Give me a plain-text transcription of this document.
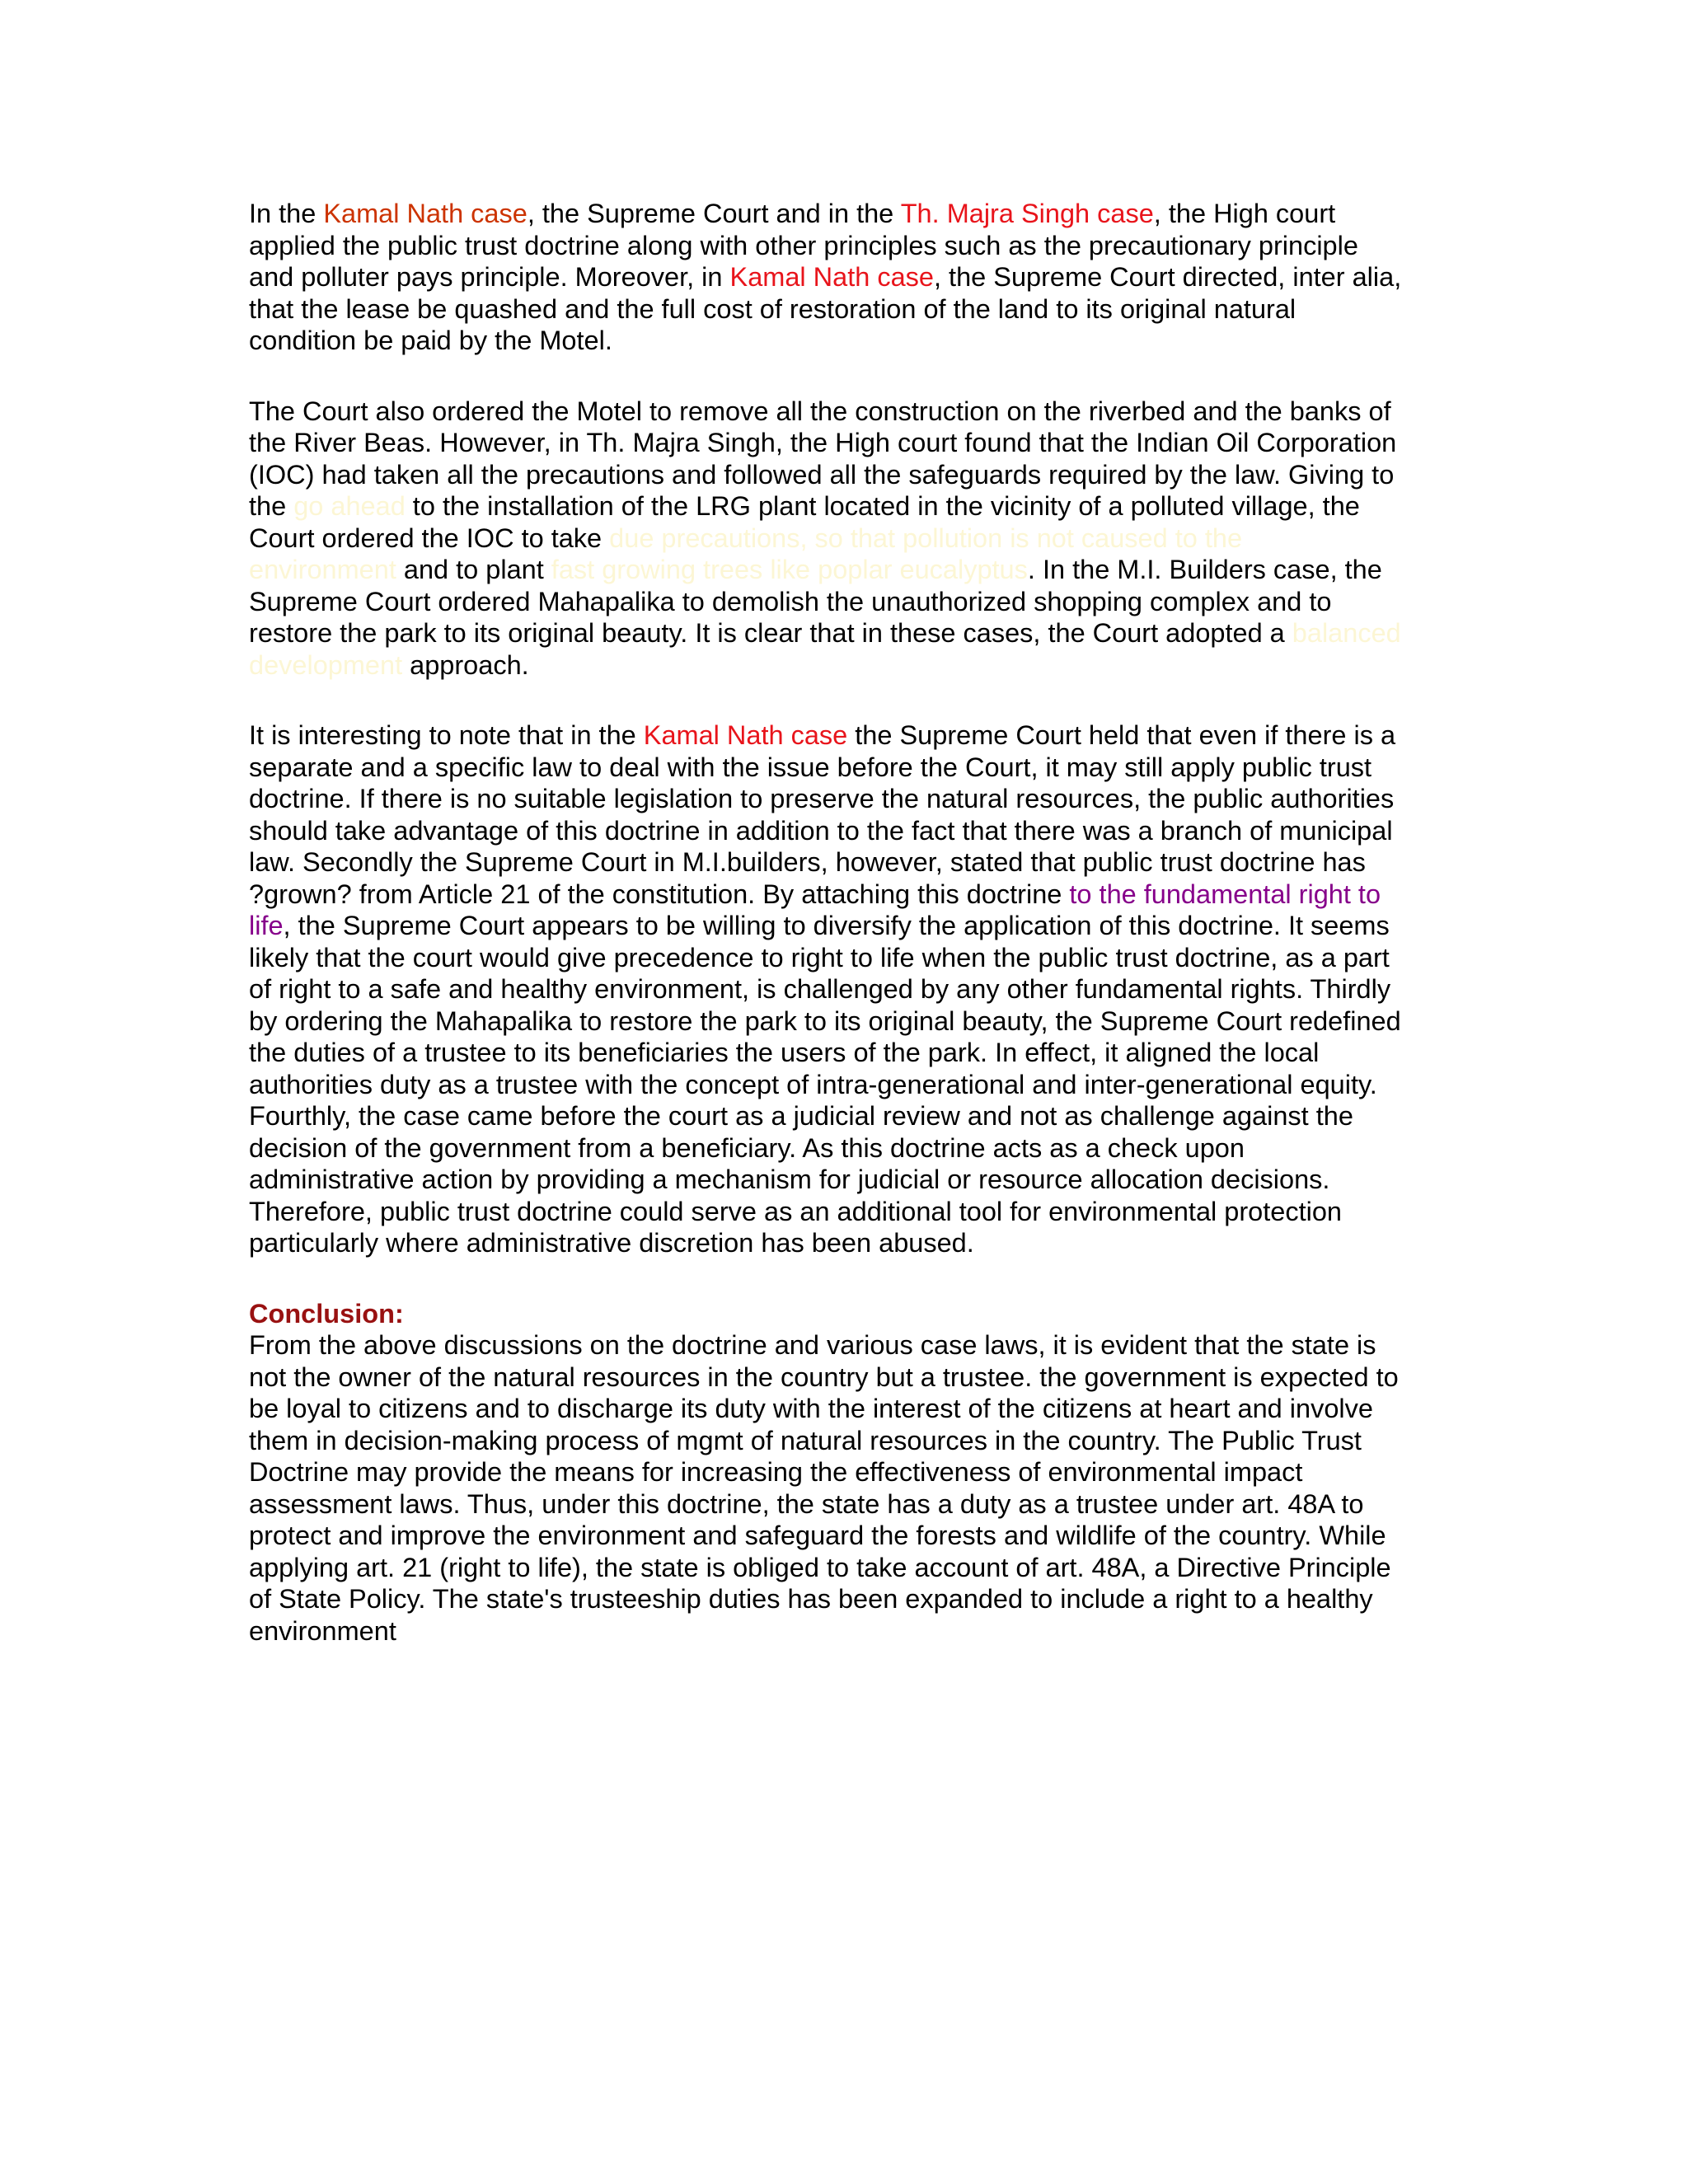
In the Kamal Nath case, the Supreme Court and in the Th. Majra Singh case, the High court
applied the public trust doctrine along with other principles such as the precautionary principle
and polluter pays principle. Moreover, in Kamal Nath case, the Supreme Court directed, inter alia,
that the lease be quashed and the full cost of restoration of the land to its original natural
condition be paid by the Motel.
The Court also ordered the Motel to remove all the construction on the riverbed and the banks of
the River Beas. However, in Th. Majra Singh, the High court found that the Indian Oil Corporation
(IOC) had taken all the precautions and followed all the safeguards required by the law. Giving to
the go ahead to the installation of the LRG plant located in the vicinity of a polluted village, the
Court ordered the IOC to take due precautions, so that pollution is not caused to the
environment and to plant fast growing trees like poplar eucalyptus. In the M.I. Builders case, the
Supreme Court ordered Mahapalika to demolish the unauthorized shopping complex and to
restore the park to its original beauty. It is clear that in these cases, the Court adopted a balanced
development approach.
It is interesting to note that in the Kamal Nath case the Supreme Court held that even if there is a
separate and a specific law to deal with the issue before the Court, it may still apply public trust
doctrine. If there is no suitable legislation to preserve the natural resources, the public authorities
should take advantage of this doctrine in addition to the fact that there was a branch of municipal
law. Secondly the Supreme Court in M.I.builders, however, stated that public trust doctrine has
?grown? from Article 21 of the constitution. By attaching this doctrine to the fundamental right to
life, the Supreme Court appears to be willing to diversify the application of this doctrine. It seems
likely that the court would give precedence to right to life when the public trust doctrine, as a part
of right to a safe and healthy environment, is challenged by any other fundamental rights. Thirdly
by ordering the Mahapalika to restore the park to its original beauty, the Supreme Court redefined
the duties of a trustee to its beneficiaries the users of the park. In effect, it aligned the local
authorities duty as a trustee with the concept of intra-generational and inter-generational equity.
Fourthly, the case came before the court as a judicial review and not as challenge against the
decision of the government from a beneficiary. As this doctrine acts as a check upon
administrative action by providing a mechanism for judicial or resource allocation decisions.
Therefore, public trust doctrine could serve as an additional tool for environmental protection
particularly where administrative discretion has been abused.
Conclusion:
From the above discussions on the doctrine and various case laws, it is evident that the state is
not the owner of the natural resources in the country but a trustee. the government is expected to
be loyal to citizens and to discharge its duty with the interest of the citizens at heart and involve
them in decision-making process of mgmt of natural resources in the country. The Public Trust
Doctrine may provide the means for increasing the effectiveness of environmental impact
assessment laws. Thus, under this doctrine, the state has a duty as a trustee under art. 48A to
protect and improve the environment and safeguard the forests and wildlife of the country. While
applying art. 21 (right to life), the state is obliged to take account of art. 48A, a Directive Principle
of State Policy. The state's trusteeship duties has been expanded to include a right to a healthy
environment
